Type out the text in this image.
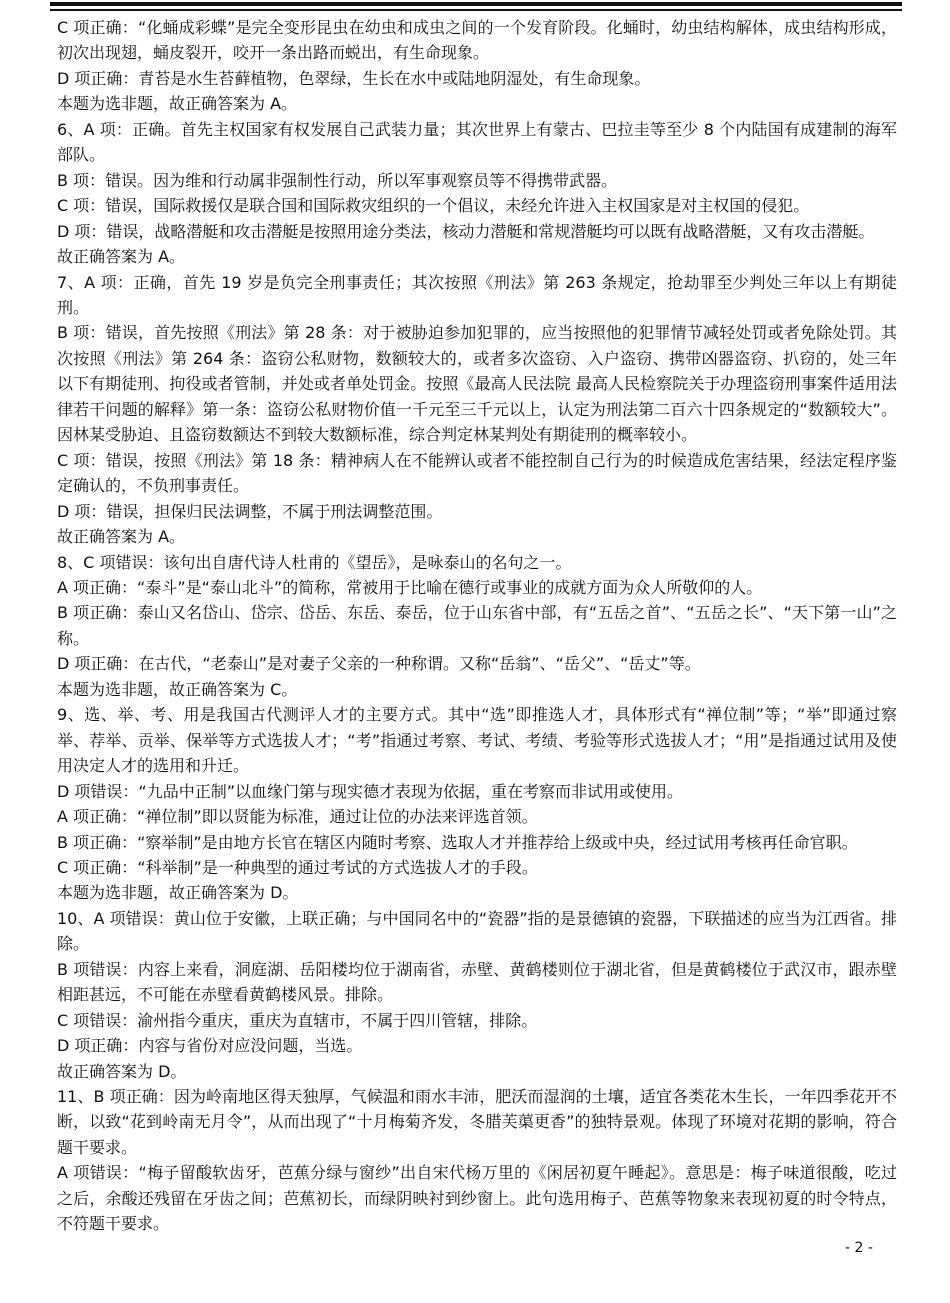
C 项正确：“化蛹成彩蝶”是完全变形昆虫在幼虫和成虫之间的一个发育阶段。化蛹时，幼虫结构解体，成虫结构形成，初次出现翅，蛹皮裂开，咬开一条出路而蜕出，有生命现象。

D 项正确：青苔是水生苔藓植物，色翠绿，生长在水中或陆地阴湿处，有生命现象。

本题为选非题，故正确答案为 A。

6、A 项：正确。首先主权国家有权发展自己武装力量；其次世界上有蒙古、巴拉圭等至少 8 个内陆国有成建制的海军部队。

B 项：错误。因为维和行动属非强制性行动，所以军事观察员等不得携带武器。

C 项：错误，国际救援仅是联合国和国际救灾组织的一个倡议，未经允许进入主权国家是对主权国的侵犯。

D 项：错误，战略潜艇和攻击潜艇是按照用途分类法，核动力潜艇和常规潜艇均可以既有战略潜艇，又有攻击潜艇。

故正确答案为 A。

7、A 项：正确，首先 19 岁是负完全刑事责任；其次按照《刑法》第 263 条规定，抢劫罪至少判处三年以上有期徒刑。

B 项：错误，首先按照《刑法》第 28 条：对于被胁迫参加犯罪的，应当按照他的犯罪情节减轻处罚或者免除处罚。其次按照《刑法》第 264 条：盗窃公私财物，数额较大的，或者多次盗窃、入户盗窃、携带凶器盗窃、扒窃的，处三年以下有期徒刑、拘役或者管制，并处或者单处罚金。按照《最高人民法院 最高人民检察院关于办理盗窃刑事案件适用法律若干问题的解释》第一条：盗窃公私财物价值一千元至三千元以上，认定为刑法第二百六十四条规定的“数额较大”。因林某受胁迫、且盗窃数额达不到较大数额标准，综合判定林某判处有期徒刑的概率较小。

C 项：错误，按照《刑法》第 18 条：精神病人在不能辨认或者不能控制自己行为的时候造成危害结果，经法定程序鉴定确认的，不负刑事责任。

D 项：错误，担保归民法调整，不属于刑法调整范围。

故正确答案为 A。

8、C 项错误：该句出自唐代诗人杜甫的《望岳》，是咏泰山的名句之一。

A 项正确：“泰斗”是“泰山北斗”的简称，常被用于比喻在德行或事业的成就方面为众人所敬仰的人。

B 项正确：泰山又名岱山、岱宗、岱岳、东岳、泰岳，位于山东省中部，有“五岳之首”、“五岳之长”、“天下第一山”之称。

D 项正确：在古代，“老泰山”是对妻子父亲的一种称谓。又称“岳翁”、“岳父”、“岳丈”等。

本题为选非题，故正确答案为 C。

9、选、举、考、用是我国古代测评人才的主要方式。其中“选”即推选人才，具体形式有“禅位制”等；“举”即通过察举、荐举、贡举、保举等方式选拔人才；“考”指通过考察、考试、考绩、考验等形式选拔人才；“用”是指通过试用及使用决定人才的选用和升迁。

D 项错误：“九品中正制”以血缘门第与现实德才表现为依据，重在考察而非试用或使用。

A 项正确：“禅位制”即以贤能为标准，通过让位的办法来评选首领。

B 项正确：“察举制”是由地方长官在辖区内随时考察、选取人才并推荐给上级或中央，经过试用考核再任命官职。

C 项正确：“科举制”是一种典型的通过考试的方式选拔人才的手段。

本题为选非题，故正确答案为 D。

10、A 项错误：黄山位于安徽，上联正确；与中国同名中的“瓷器”指的是景德镇的瓷器，下联描述的应当为江西省。排除。

B 项错误：内容上来看，洞庭湖、岳阳楼均位于湖南省，赤壁、黄鹤楼则位于湖北省，但是黄鹤楼位于武汉市，跟赤壁相距甚远，不可能在赤壁看黄鹤楼风景。排除。

C 项错误：渝州指今重庆，重庆为直辖市，不属于四川管辖，排除。

D 项正确：内容与省份对应没问题，当选。

故正确答案为 D。

11、B 项正确：因为岭南地区得天独厚，气候温和雨水丰沛，肥沃而湿润的土壤，适宜各类花木生长，一年四季花开不断，以致“花到岭南无月令”，从而出现了“十月梅菊齐发，冬腊芙蕖更香”的独特景观。体现了环境对花期的影响，符合题干要求。

A 项错误：“梅子留酸软齿牙，芭蕉分绿与窗纱”出自宋代杨万里的《闲居初夏午睡起》。意思是：梅子味道很酸，吃过之后，余酸还残留在牙齿之间；芭蕉初长，而绿阴映衬到纱窗上。此句选用梅子、芭蕉等物象来表现初夏的时令特点，不符题干要求。

- 2 -
